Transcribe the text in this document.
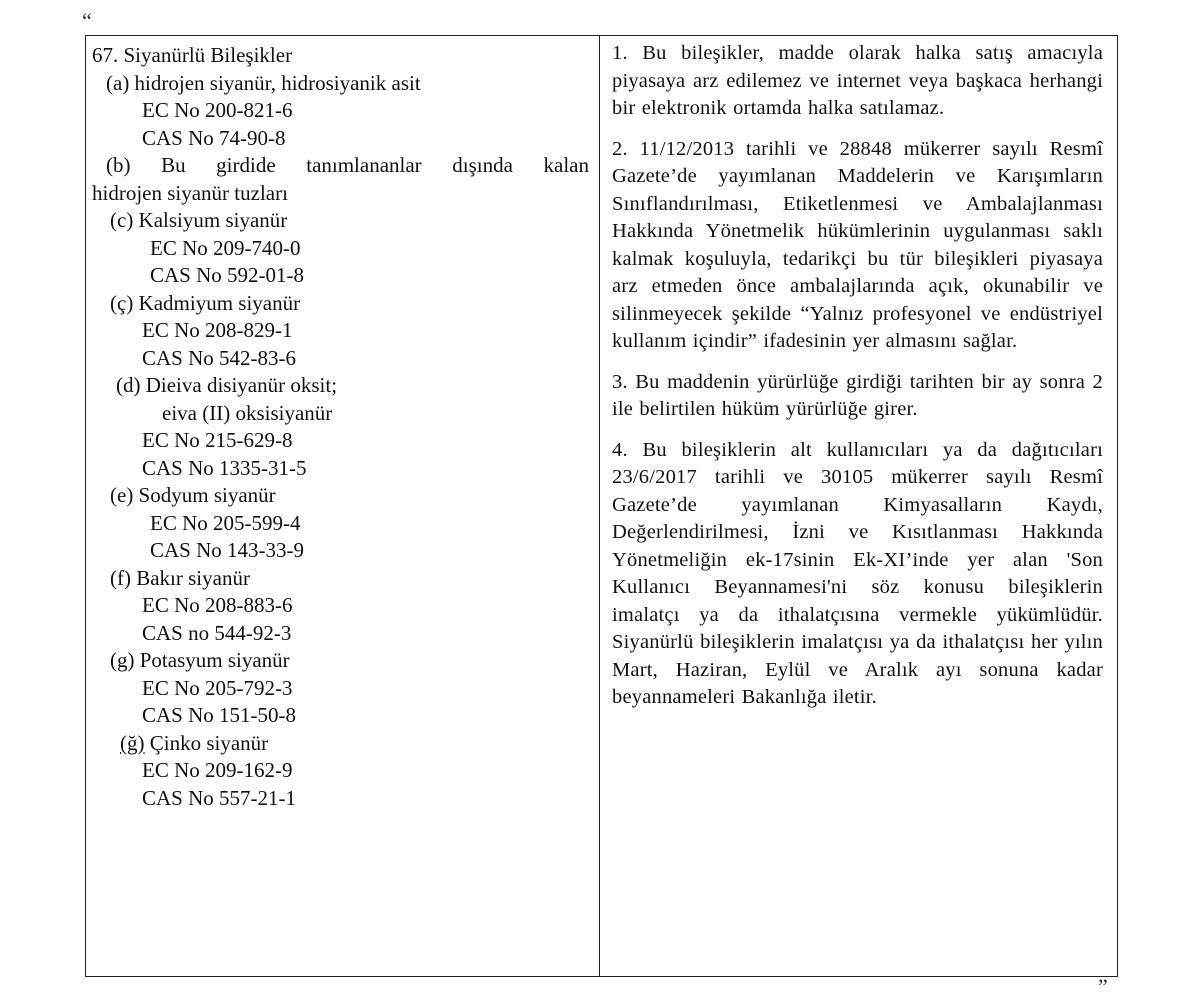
“
67. Siyanürlü Bileşikler
(a) hidrojen siyanür, hidrosiyanik asit
EC No 200-821-6
CAS No 74-90-8
(b) Bu girdide tanımlananlar dışında kalan
hidrojen siyanür tuzları
(c) Kalsiyum siyanür
EC No 209-740-0
CAS No 592-01-8
(ç) Kadmiyum siyanür
EC No 208-829-1
CAS No 542-83-6
(d) Dieiva disiyanür oksit;
eiva (II) oksisiyanür
EC No 215-629-8
CAS No 1335-31-5
(e) Sodyum siyanür
EC No 205-599-4
CAS No 143-33-9
(f) Bakır siyanür
EC No 208-883-6
CAS no 544-92-3
(g) Potasyum siyanür
EC No 205-792-3
CAS No 151-50-8
(ğ) Çinko siyanür
EC No 209-162-9
CAS No 557-21-1

1. Bu bileşikler, madde olarak halka satış amacıyla piyasaya arz edilemez ve internet veya başkaca herhangi bir elektronik ortamda halka satılamaz.

2. 11/12/2013 tarihli ve 28848 mükerrer sayılı Resmî Gazete’de yayımlanan Maddelerin ve Karışımların Sınıflandırılması, Etiketlenmesi ve Ambalajlanması Hakkında Yönetmelik hükümlerinin uygulanması saklı kalmak koşuluyla, tedarikçi bu tür bileşikleri piyasaya arz etmeden önce ambalajlarında açık, okunabilir ve silinmeyecek şekilde “Yalnız profesyonel ve endüstriyel kullanım içindir” ifadesinin yer almasını sağlar.

3. Bu maddenin yürürlüğe girdiği tarihten bir ay sonra 2 ile belirtilen hüküm yürürlüğe girer.

4. Bu bileşiklerin alt kullanıcıları ya da dağıtıcıları 23/6/2017 tarihli ve 30105 mükerrer sayılı Resmî Gazete’de yayımlanan Kimyasalların Kaydı, Değerlendirilmesi, İzni ve Kısıtlanması Hakkında Yönetmeliğin ek-17sinin Ek-XI’inde yer alan 'Son Kullanıcı Beyannamesi'ni söz konusu bileşiklerin imalatçı ya da ithalatçısına vermekle yükümlüdür. Siyanürlü bileşiklerin imalatçısı ya da ithalatçısı her yılın Mart, Haziran, Eylül ve Aralık ayı sonuna kadar beyannameleri Bakanlığa iletir.

”
